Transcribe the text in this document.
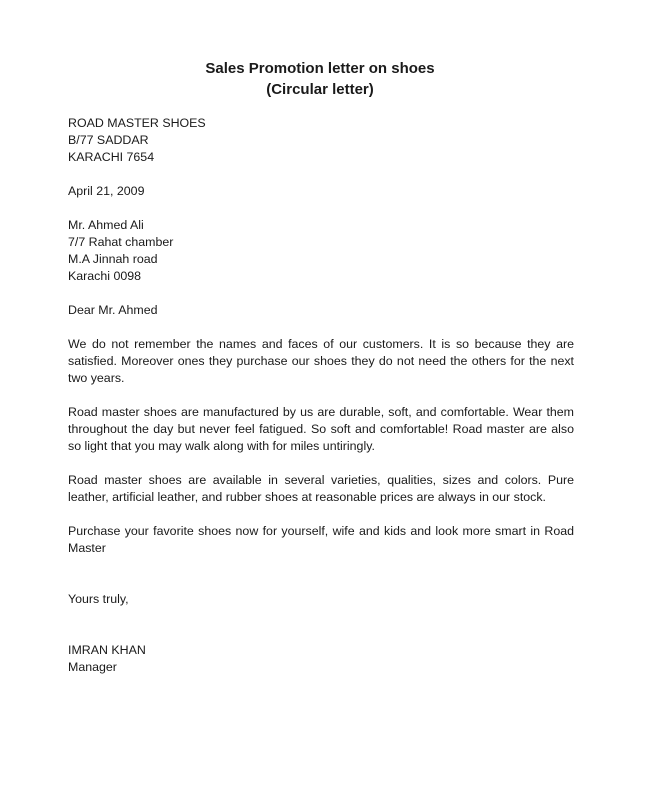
Sales Promotion letter on shoes
(Circular letter)
ROAD MASTER SHOES
B/77 SADDAR
KARACHI 7654
April 21, 2009
Mr. Ahmed Ali
7/7 Rahat chamber
M.A Jinnah road
Karachi 0098
Dear Mr. Ahmed

We do not remember the names and faces of our customers. It is so because they are satisfied. Moreover ones they purchase our shoes they do not need the others for the next two years.

Road master shoes are manufactured by us are durable, soft, and comfortable. Wear them throughout the day but never feel fatigued. So soft and comfortable! Road master are also so light that you may walk along with for miles untiringly.

Road master shoes are available in several varieties, qualities, sizes and colors. Pure leather, artificial leather, and rubber shoes at reasonable prices are always in our stock.

Purchase your favorite shoes now for yourself, wife and kids and look more smart in Road Master

Yours truly,
IMRAN KHAN
Manager
